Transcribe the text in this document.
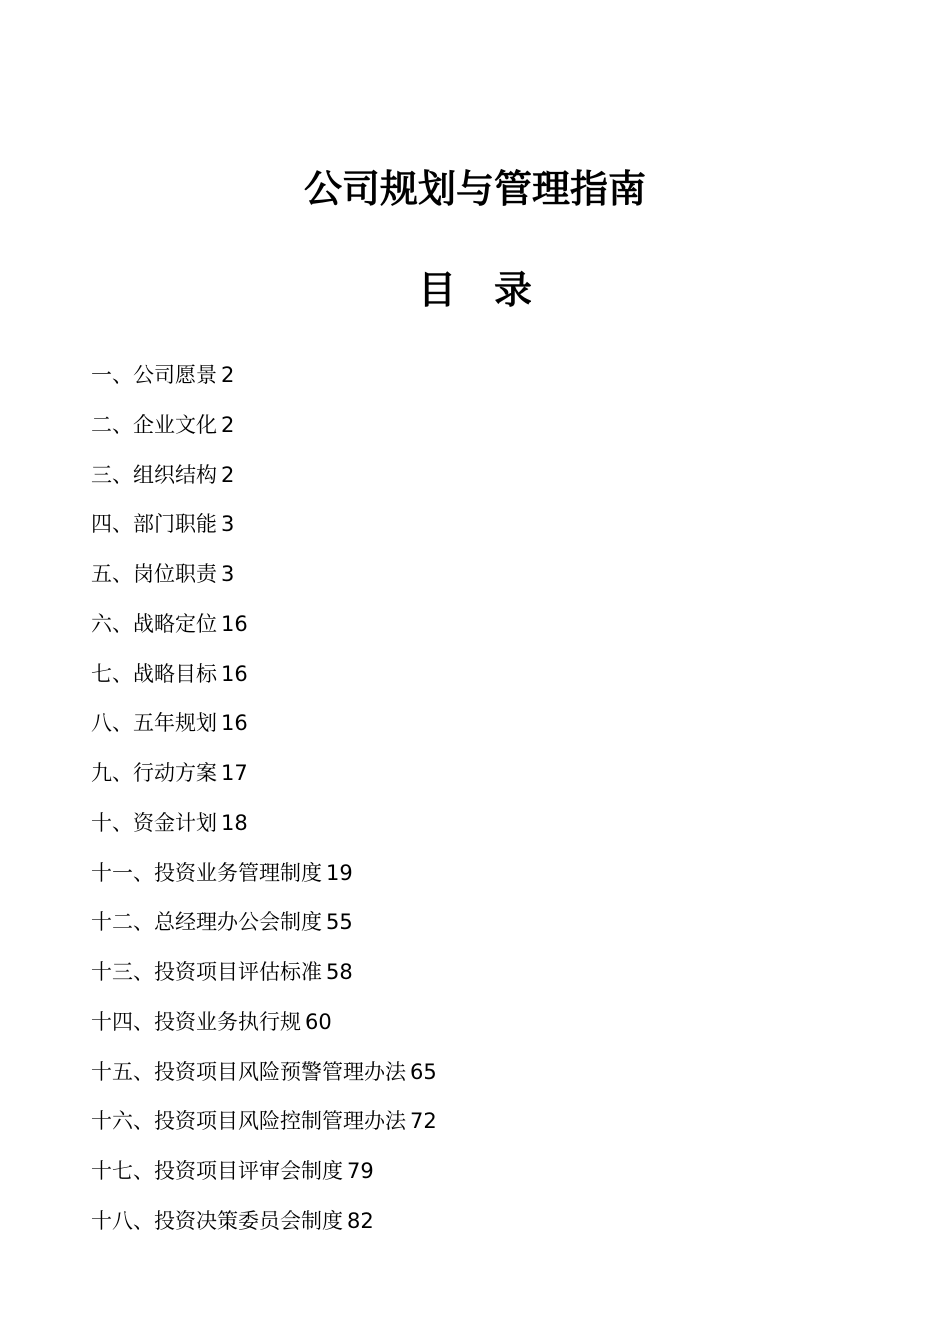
公司规划与管理指南
目 录
一、公司愿景 2
二、企业文化 2
三、组织结构 2
四、部门职能 3
五、岗位职责 3
六、战略定位 16
七、战略目标 16
八、五年规划 16
九、行动方案 17
十、资金计划 18
十一、投资业务管理制度 19
十二、总经理办公会制度 55
十三、投资项目评估标准 58
十四、投资业务执行规 60
十五、投资项目风险预警管理办法 65
十六、投资项目风险控制管理办法 72
十七、投资项目评审会制度 79
十八、投资决策委员会制度 82
